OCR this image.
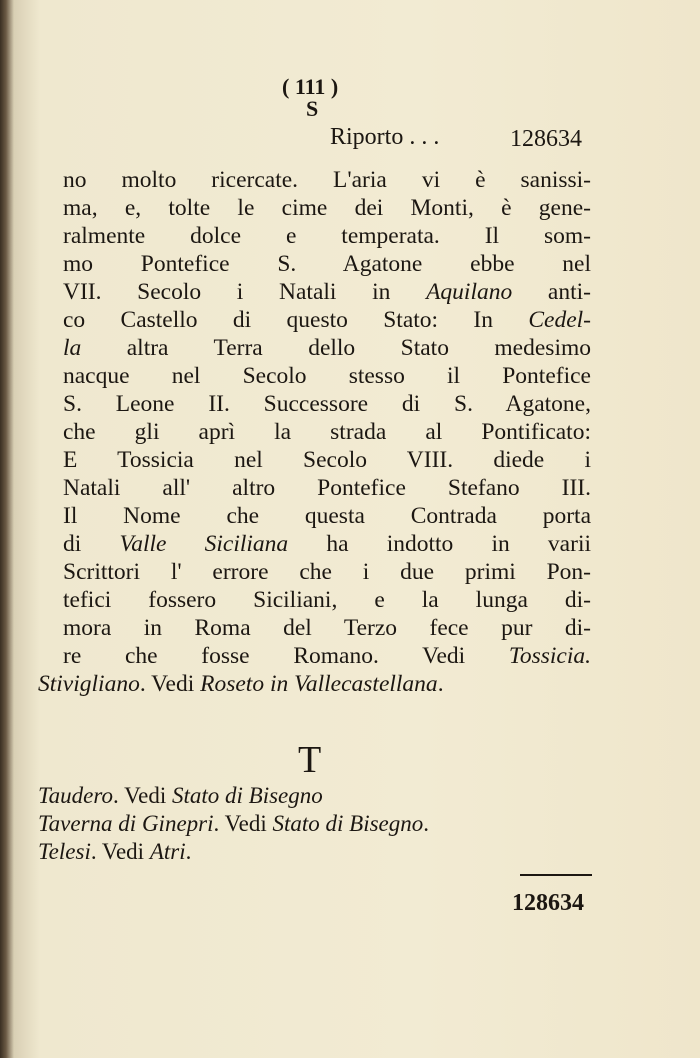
( 111 )
S
Riporto . . .	128634
no molto ricercate. L'aria vi è sanissi-
ma, e, tolte le cime dei Monti, è gene-
ralmente dolce e temperata. Il som-
mo Pontefice S. Agatone ebbe nel
VII. Secolo i Natali in Aquilano anti-
co Castello di questo Stato: In Cedel-
la altra Terra dello Stato medesimo
nacque nel Secolo stesso il Pontefice
S. Leone II. Successore di S. Agatone,
che gli aprì la strada al Pontificato:
E Tossicia nel Secolo VIII. diede i
Natali all' altro Pontefice Stefano III.
Il Nome che questa Contrada porta
di Valle Siciliana ha indotto in varii
Scrittori l' errore che i due primi Pon-
tefici fossero Siciliani, e la lunga di-
mora in Roma del Terzo fece pur di-
re che fosse Romano. Vedi Tossicia.
Stivigliano. Vedi Roseto in Vallecastellana.
T
Taudero. Vedi Stato di Bisegno
Taverna di Ginepri. Vedi Stato di Bisegno.
Telesi. Vedi Atri.
128634
